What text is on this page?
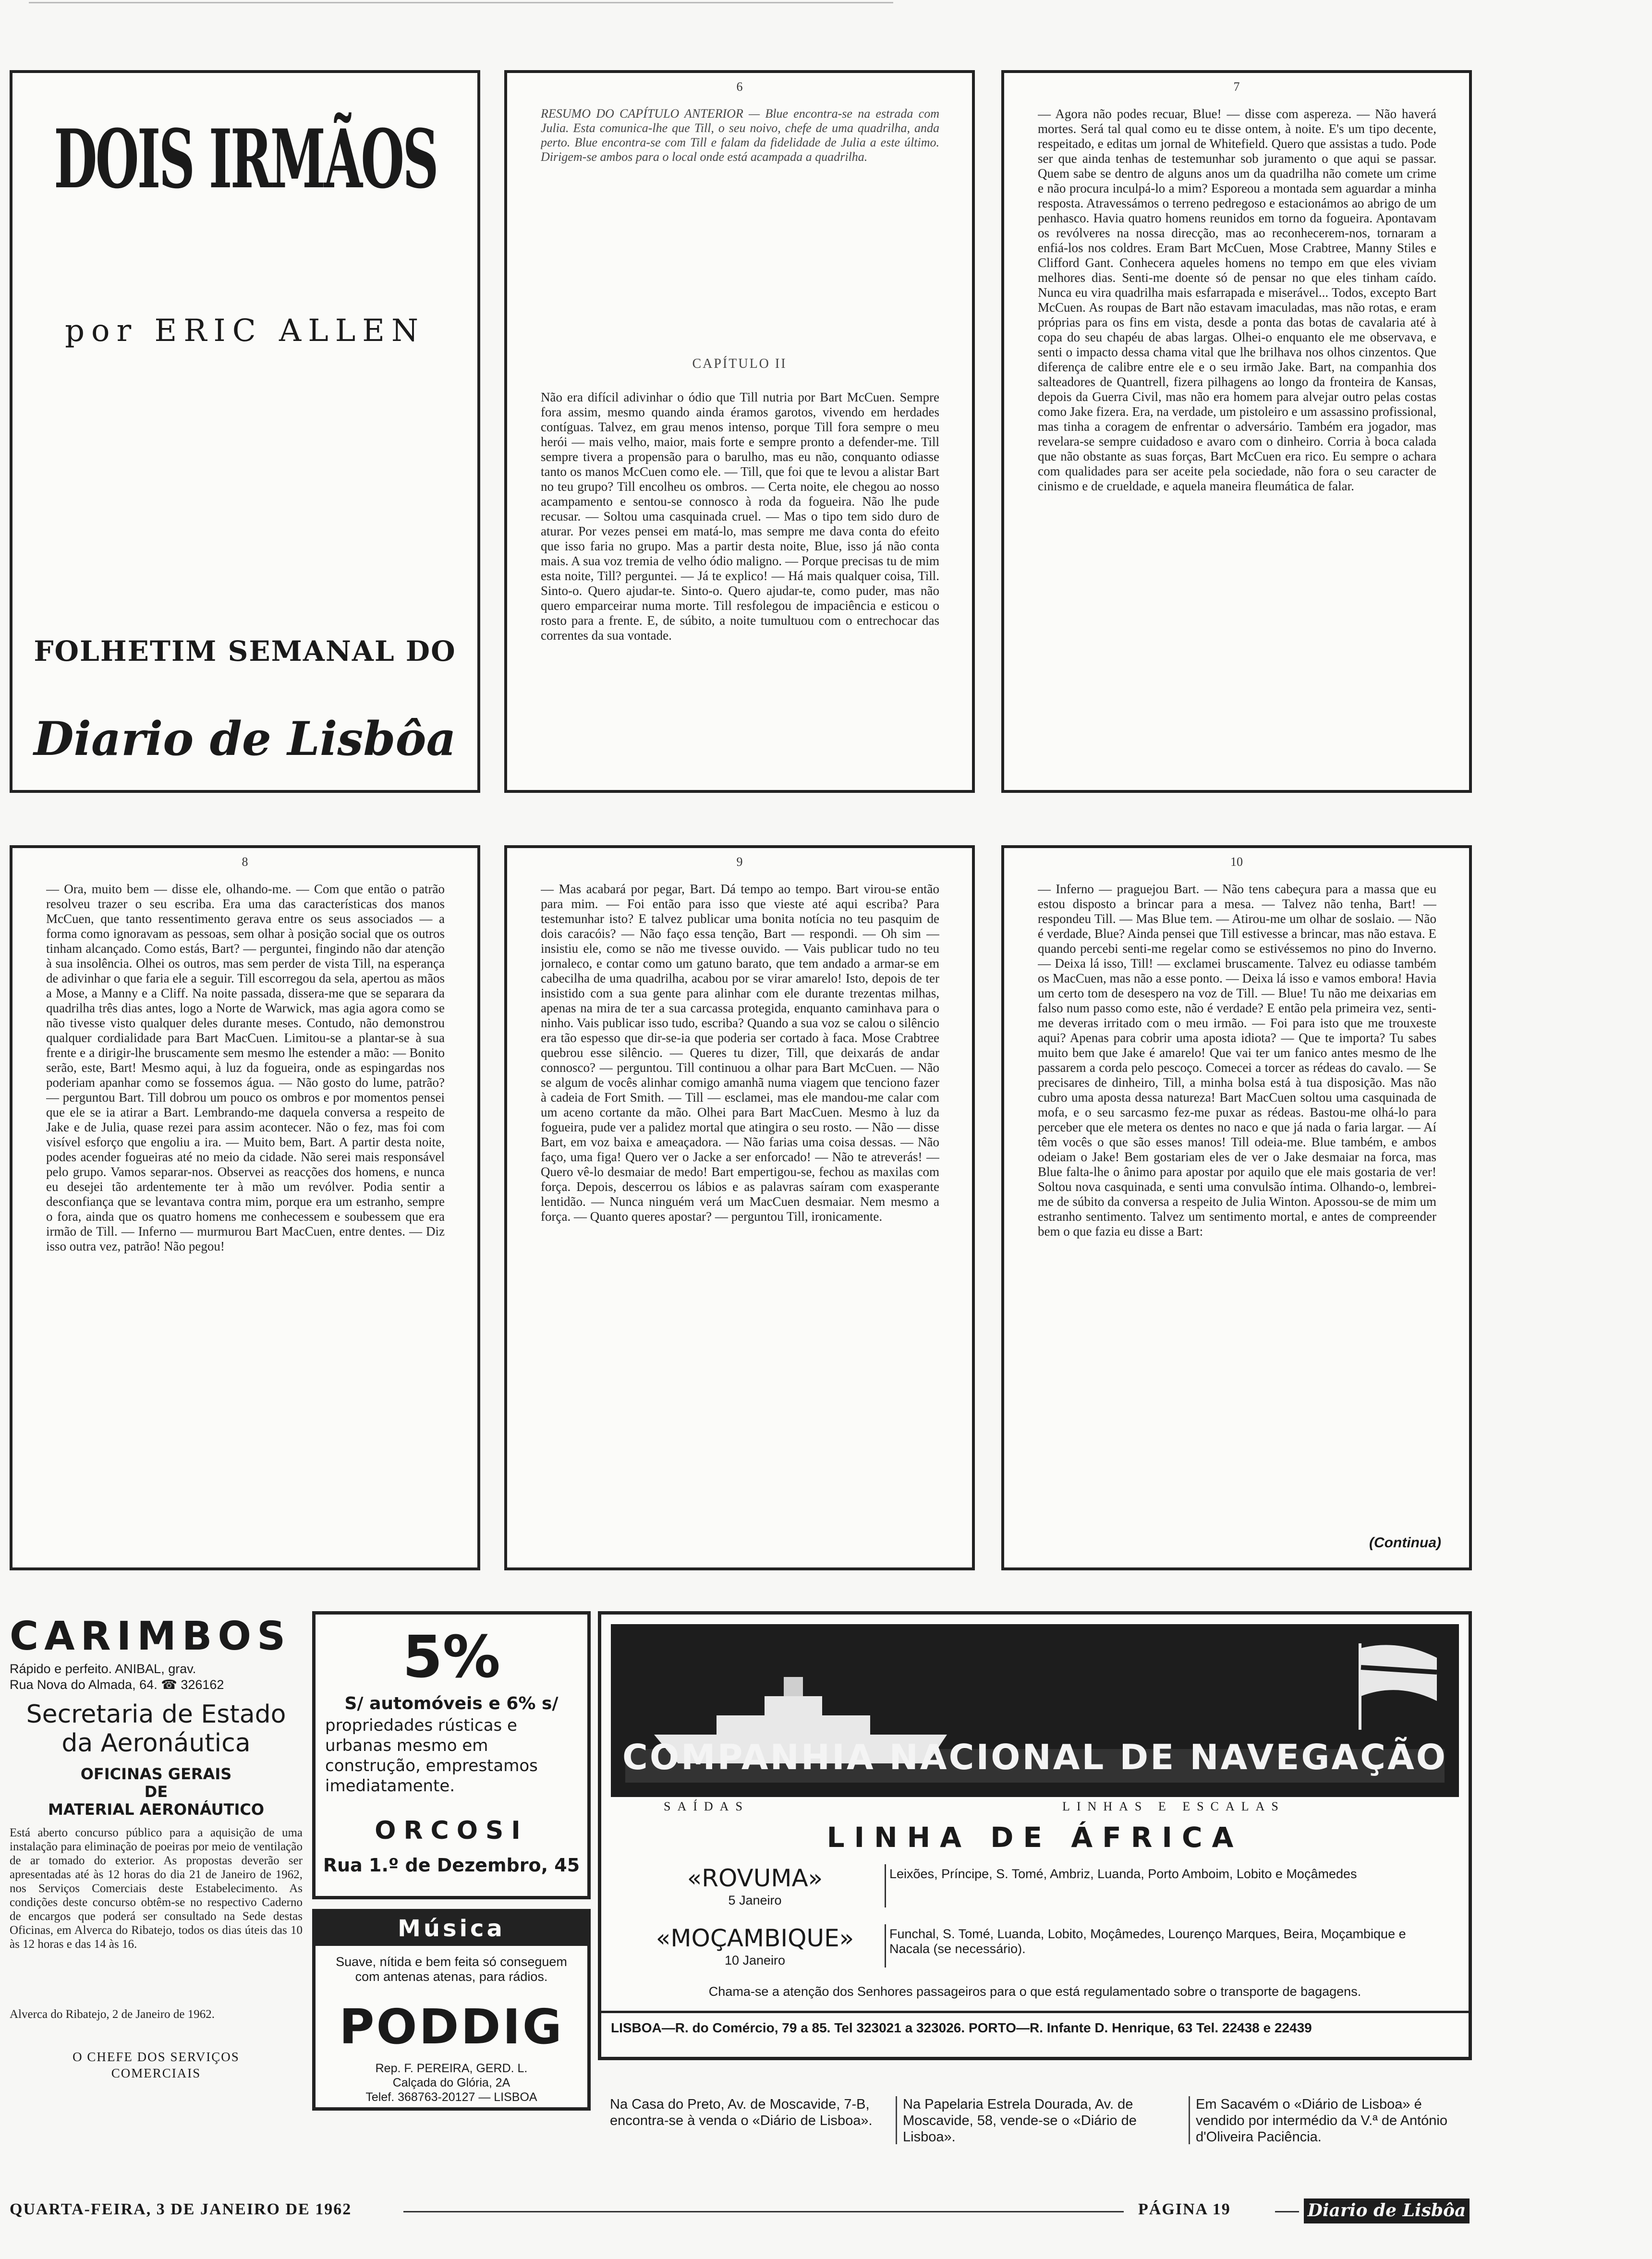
DOIS IRMÃOS
por ERIC ALLEN
FOLHETIM SEMANAL DO
Diario de Lisbôa
6
RESUMO DO CAPÍTULO ANTERIOR — Blue encontra-se na estrada com Julia. Esta comunica-lhe que Till, o seu noivo, chefe de uma quadrilha, anda perto. Blue encontra-se com Till e falam da fidelidade de Julia a este último. Dirigem-se ambos para o local onde está acampada a quadrilha.
CAPÍTULO II
Não era difícil adivinhar o ódio que Till nutria por Bart McCuen. Sempre fora assim, mesmo quando ainda éramos garotos, vivendo em herdades contíguas. Talvez, em grau menos intenso, porque Till fora sempre o meu herói — mais velho, maior, mais forte e sempre pronto a defender-me. Till sempre tivera a propensão para o barulho, mas eu não, conquanto odiasse tanto os manos McCuen como ele. — Till, que foi que te levou a alistar Bart no teu grupo? Till encolheu os ombros. — Certa noite, ele chegou ao nosso acampamento e sentou-se connosco à roda da fogueira. Não lhe pude recusar. — Soltou uma casquinada cruel. — Mas o tipo tem sido duro de aturar. Por vezes pensei em matá-lo, mas sempre me dava conta do efeito que isso faria no grupo. Mas a partir desta noite, Blue, isso já não conta mais. A sua voz tremia de velho ódio maligno. — Porque precisas tu de mim esta noite, Till? perguntei. — Já te explico! — Há mais qualquer coisa, Till. Sinto-o. Quero ajudar-te. Sinto-o. Quero ajudar-te, como puder, mas não quero emparceirar numa morte. Till resfolegou de impaciência e esticou o rosto para a frente. E, de súbito, a noite tumultuou com o entrechocar das correntes da sua vontade.
7
— Agora não podes recuar, Blue! — disse com aspereza. — Não haverá mortes. Será tal qual como eu te disse ontem, à noite. E's um tipo decente, respeitado, e editas um jornal de Whitefield. Quero que assistas a tudo. Pode ser que ainda tenhas de testemunhar sob juramento o que aqui se passar. Quem sabe se dentro de alguns anos um da quadrilha não comete um crime e não procura inculpá-lo a mim? Esporeou a montada sem aguardar a minha resposta. Atravessámos o terreno pedregoso e estacionámos ao abrigo de um penhasco. Havia quatro homens reunidos em torno da fogueira. Apontavam os revólveres na nossa direcção, mas ao reconhecerem-nos, tornaram a enfiá-los nos coldres. Eram Bart McCuen, Mose Crabtree, Manny Stiles e Clifford Gant. Conhecera aqueles homens no tempo em que eles viviam melhores dias. Senti-me doente só de pensar no que eles tinham caído. Nunca eu vira quadrilha mais esfarrapada e miserável... Todos, excepto Bart McCuen. As roupas de Bart não estavam imaculadas, mas não rotas, e eram próprias para os fins em vista, desde a ponta das botas de cavalaria até à copa do seu chapéu de abas largas. Olhei-o enquanto ele me observava, e senti o impacto dessa chama vital que lhe brilhava nos olhos cinzentos. Que diferença de calibre entre ele e o seu irmão Jake. Bart, na companhia dos salteadores de Quantrell, fizera pilhagens ao longo da fronteira de Kansas, depois da Guerra Civil, mas não era homem para alvejar outro pelas costas como Jake fizera. Era, na verdade, um pistoleiro e um assassino profissional, mas tinha a coragem de enfrentar o adversário. Também era jogador, mas revelara-se sempre cuidadoso e avaro com o dinheiro. Corria à boca calada que não obstante as suas forças, Bart McCuen era rico. Eu sempre o achara com qualidades para ser aceite pela sociedade, não fora o seu caracter de cinismo e de crueldade, e aquela maneira fleumática de falar.
8
— Ora, muito bem — disse ele, olhando-me. — Com que então o patrão resolveu trazer o seu escriba. Era uma das características dos manos McCuen, que tanto ressentimento gerava entre os seus associados — a forma como ignoravam as pessoas, sem olhar à posição social que os outros tinham alcançado. Como estás, Bart? — perguntei, fingindo não dar atenção à sua insolência. Olhei os outros, mas sem perder de vista Till, na esperança de adivinhar o que faria ele a seguir. Till escorregou da sela, apertou as mãos a Mose, a Manny e a Cliff. Na noite passada, dissera-me que se separara da quadrilha três dias antes, logo a Norte de Warwick, mas agia agora como se não tivesse visto qualquer deles durante meses. Contudo, não demonstrou qualquer cordialidade para Bart MacCuen. Limitou-se a plantar-se à sua frente e a dirigir-lhe bruscamente sem mesmo lhe estender a mão: — Bonito serão, este, Bart! Mesmo aqui, à luz da fogueira, onde as espingardas nos poderiam apanhar como se fossemos água. — Não gosto do lume, patrão? — perguntou Bart. Till dobrou um pouco os ombros e por momentos pensei que ele se ia atirar a Bart. Lembrando-me daquela conversa a respeito de Jake e de Julia, quase rezei para assim acontecer. Não o fez, mas foi com visível esforço que engoliu a ira. — Muito bem, Bart. A partir desta noite, podes acender fogueiras até no meio da cidade. Não serei mais responsável pelo grupo. Vamos separar-nos. Observei as reacções dos homens, e nunca eu desejei tão ardentemente ter à mão um revólver. Podia sentir a desconfiança que se levantava contra mim, porque era um estranho, sempre o fora, ainda que os quatro homens me conhecessem e soubessem que era irmão de Till. — Inferno — murmurou Bart MacCuen, entre dentes. — Diz isso outra vez, patrão! Não pegou!
9
— Mas acabará por pegar, Bart. Dá tempo ao tempo. Bart virou-se então para mim. — Foi então para isso que vieste até aqui escriba? Para testemunhar isto? E talvez publicar uma bonita notícia no teu pasquim de dois caracóis? — Não faço essa tenção, Bart — respondi. — Oh sim — insistiu ele, como se não me tivesse ouvido. — Vais publicar tudo no teu jornaleco, e contar como um gatuno barato, que tem andado a armar-se em cabecilha de uma quadrilha, acabou por se virar amarelo! Isto, depois de ter insistido com a sua gente para alinhar com ele durante trezentas milhas, apenas na mira de ter a sua carcassa protegida, enquanto caminhava para o ninho. Vais publicar isso tudo, escriba? Quando a sua voz se calou o silêncio era tão espesso que dir-se-ia que poderia ser cortado à faca. Mose Crabtree quebrou esse silêncio. — Queres tu dizer, Till, que deixarás de andar connosco? — perguntou. Till continuou a olhar para Bart McCuen. — Não se algum de vocês alinhar comigo amanhã numa viagem que tenciono fazer à cadeia de Fort Smith. — Till — esclamei, mas ele mandou-me calar com um aceno cortante da mão. Olhei para Bart MacCuen. Mesmo à luz da fogueira, pude ver a palidez mortal que atingira o seu rosto. — Não — disse Bart, em voz baixa e ameaçadora. — Não farias uma coisa dessas. — Não faço, uma figa! Quero ver o Jacke a ser enforcado! — Não te atreverás! — Quero vê-lo desmaiar de medo! Bart empertigou-se, fechou as maxilas com força. Depois, descerrou os lábios e as palavras saíram com exasperante lentidão. — Nunca ninguém verá um MacCuen desmaiar. Nem mesmo a força. — Quanto queres apostar? — perguntou Till, ironicamente.
10
— Inferno — praguejou Bart. — Não tens cabeçura para a massa que eu estou disposto a brincar para a mesa. — Talvez não tenha, Bart! — respondeu Till. — Mas Blue tem. — Atirou-me um olhar de soslaio. — Não é verdade, Blue? Ainda pensei que Till estivesse a brincar, mas não estava. E quando percebi senti-me regelar como se estivéssemos no pino do Inverno. — Deixa lá isso, Till! — exclamei bruscamente. Talvez eu odiasse também os MacCuen, mas não a esse ponto. — Deixa lá isso e vamos embora! Havia um certo tom de desespero na voz de Till. — Blue! Tu não me deixarias em falso num passo como este, não é verdade? E então pela primeira vez, senti-me deveras irritado com o meu irmão. — Foi para isto que me trouxeste aqui? Apenas para cobrir uma aposta idiota? — Que te importa? Tu sabes muito bem que Jake é amarelo! Que vai ter um fanico antes mesmo de lhe passarem a corda pelo pescoço. Comecei a torcer as rédeas do cavalo. — Se precisares de dinheiro, Till, a minha bolsa está à tua disposição. Mas não cubro uma aposta dessa natureza! Bart MacCuen soltou uma casquinada de mofa, e o seu sarcasmo fez-me puxar as rédeas. Bastou-me olhá-lo para perceber que ele metera os dentes no naco e que já nada o faria largar. — Aí têm vocês o que são esses manos! Till odeia-me. Blue também, e ambos odeiam o Jake! Bem gostariam eles de ver o Jake desmaiar na forca, mas Blue falta-lhe o ânimo para apostar por aquilo que ele mais gostaria de ver! Soltou nova casquinada, e senti uma convulsão íntima. Olhando-o, lembrei-me de súbito da conversa a respeito de Julia Winton. Apossou-se de mim um estranho sentimento. Talvez um sentimento mortal, e antes de compreender bem o que fazia eu disse a Bart:
(Continua)
CARIMBOS
Rápido e perfeito. ANIBAL, grav.
Rua Nova do Almada, 64. ☎ 326162
Secretaria de Estado
da Aeronáutica
OFICINAS GERAIS
DE
MATERIAL AERONÁUTICO
Está aberto concurso público para a aquisição de uma instalação para eliminação de poeiras por meio de ventilação de ar tomado do exterior. As propostas deverão ser apresentadas até às 12 horas do dia 21 de Janeiro de 1962, nos Serviços Comerciais deste Estabelecimento. As condições deste concurso obtêm-se no respectivo Caderno de encargos que poderá ser consultado na Sede destas Oficinas, em Alverca do Ribatejo, todos os dias úteis das 10 às 12 horas e das 14 às 16.
Alverca do Ribatejo, 2 de Janeiro de 1962.
O CHEFE DOS SERVIÇOS
COMERCIAIS
5%
S/ automóveis e 6% s/
propriedades rústicas e urbanas mesmo em construção, emprestamos imediatamente.
ORCOSI
Rua 1.º de Dezembro, 45
Música
Suave, nítida e bem feita só conseguem com antenas atenas, para rádios.
PODDIG
Rep. F. PEREIRA, GERD. L.
Calçada do Glória, 2A
Telef. 368763-20127 — LISBOA
COMPANHIA NACIONAL DE NAVEGAÇÃO
SAÍDAS	LINHAS E ESCALAS
LINHA DE ÁFRICA
«ROVUMA»
5 Janeiro
Leixões, Príncipe, S. Tomé, Ambriz, Luanda, Porto Amboim, Lobito e Moçâmedes
«MOÇAMBIQUE»
10 Janeiro
Funchal, S. Tomé, Luanda, Lobito, Moçâmedes, Lourenço Marques, Beira, Moçambique e Nacala (se necessário).
Chama-se a atenção dos Senhores passageiros para o que está regulamentado sobre o transporte de bagagens.
LISBOA—R. do Comércio, 79 a 85. Tel 323021 a 323026. PORTO—R. Infante D. Henrique, 63 Tel. 22438 e 22439
Na Casa do Preto, Av. de Moscavide, 7-B, encontra-se à venda o «Diário de Lisboa».
Na Papelaria Estrela Dourada, Av. de Moscavide, 58, vende-se o «Diário de Lisboa».
Em Sacavém o «Diário de Lisboa» é vendido por intermédio da V.ª de António d'Oliveira Paciência.
QUARTA-FEIRA, 3 DE JANEIRO DE 1962	PÁGINA 19	Diario de Lisbôa
